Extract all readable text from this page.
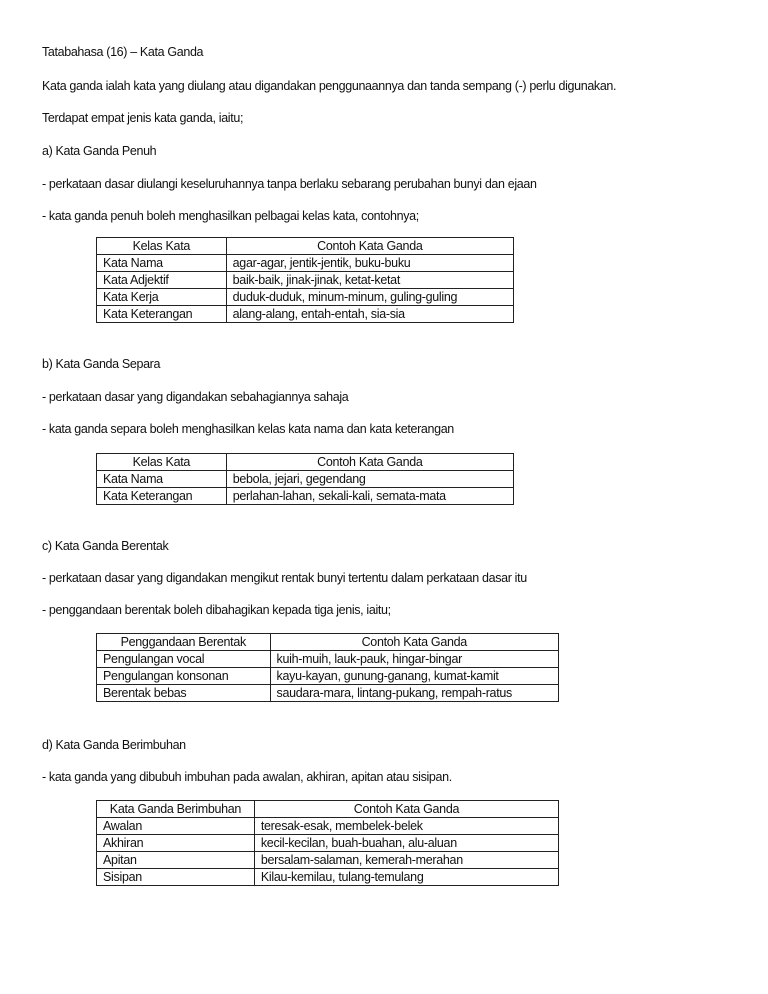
Tatabahasa (16) – Kata Ganda
Kata ganda ialah kata yang diulang atau digandakan penggunaannya dan tanda sempang (-) perlu digunakan.
Terdapat empat jenis kata ganda, iaitu;
a) Kata Ganda Penuh
- perkataan dasar diulangi keseluruhannya tanpa berlaku sebarang perubahan bunyi dan ejaan
- kata ganda penuh boleh menghasilkan pelbagai kelas kata, contohnya;
Kelas Kata	Contoh Kata Ganda
Kata Nama	agar-agar, jentik-jentik, buku-buku
Kata Adjektif	baik-baik, jinak-jinak, ketat-ketat
Kata Kerja	duduk-duduk, minum-minum, guling-guling
Kata Keterangan	alang-alang, entah-entah, sia-sia
b) Kata Ganda Separa
- perkataan dasar yang digandakan sebahagiannya sahaja
- kata ganda separa boleh menghasilkan kelas kata nama dan kata keterangan
Kelas Kata	Contoh Kata Ganda
Kata Nama	bebola, jejari, gegendang
Kata Keterangan	perlahan-lahan, sekali-kali, semata-mata
c) Kata Ganda Berentak
- perkataan dasar yang digandakan mengikut rentak bunyi tertentu dalam perkataan dasar itu
- penggandaan berentak boleh dibahagikan kepada tiga jenis, iaitu;
Penggandaan Berentak	Contoh Kata Ganda
Pengulangan vocal	kuih-muih, lauk-pauk, hingar-bingar
Pengulangan konsonan	kayu-kayan, gunung-ganang, kumat-kamit
Berentak bebas	saudara-mara, lintang-pukang, rempah-ratus
d) Kata Ganda Berimbuhan
- kata ganda yang dibubuh imbuhan pada awalan, akhiran, apitan atau sisipan.
Kata Ganda Berimbuhan	Contoh Kata Ganda
Awalan	teresak-esak, membelek-belek
Akhiran	kecil-kecilan, buah-buahan, alu-aluan
Apitan	bersalam-salaman, kemerah-merahan
Sisipan	Kilau-kemilau, tulang-temulang
